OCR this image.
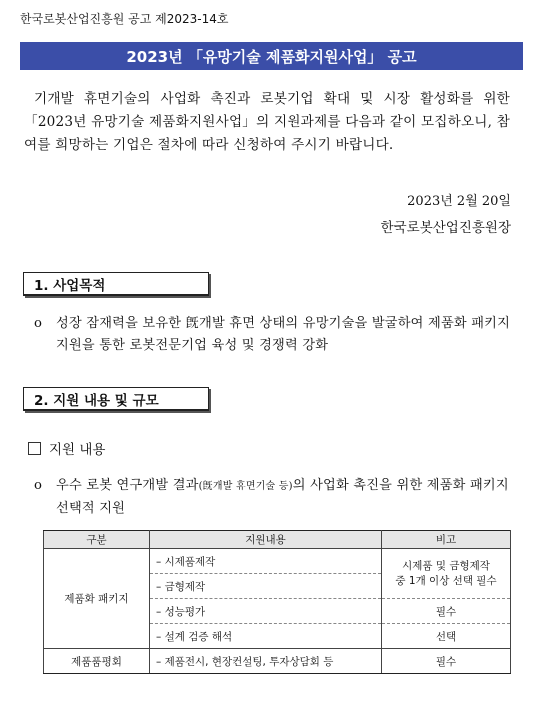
한국로봇산업진흥원 공고 제2023-14호
2023년 「유망기술 제품화지원사업」 공고
기개발 휴면기술의 사업화 촉진과 로봇기업 확대 및 시장 활성화를 위한 「2023년 유망기술 제품화지원사업」의 지원과제를 다음과 같이 모집하오니, 참여를 희망하는 기업은 절차에 따라 신청하여 주시기 바랍니다.
2023년 2월 20일
한국로봇산업진흥원장
1. 사업목적
o 성장 잠재력을 보유한 旣개발 휴면 상태의 유망기술을 발굴하여 제품화 패키지 지원을 통한 로봇전문기업 육성 및 경쟁력 강화
2. 지원 내용 및 규모
지원 내용
o 우수 로봇 연구개발 결과(旣개발 휴면기술 등)의 사업화 촉진을 위한 제품화 패키지 선택적 지원
구분	지원내용	비고
제품화 패키지	– 시제품제작	시제품 및 금형제작
중 1개 이상 선택 필수

	– 금형제작	
	– 성능평가	필수
	– 설계 검증 해석	선택
제품품평회	– 제품전시, 현장컨설팅, 투자상담회 등	필수
